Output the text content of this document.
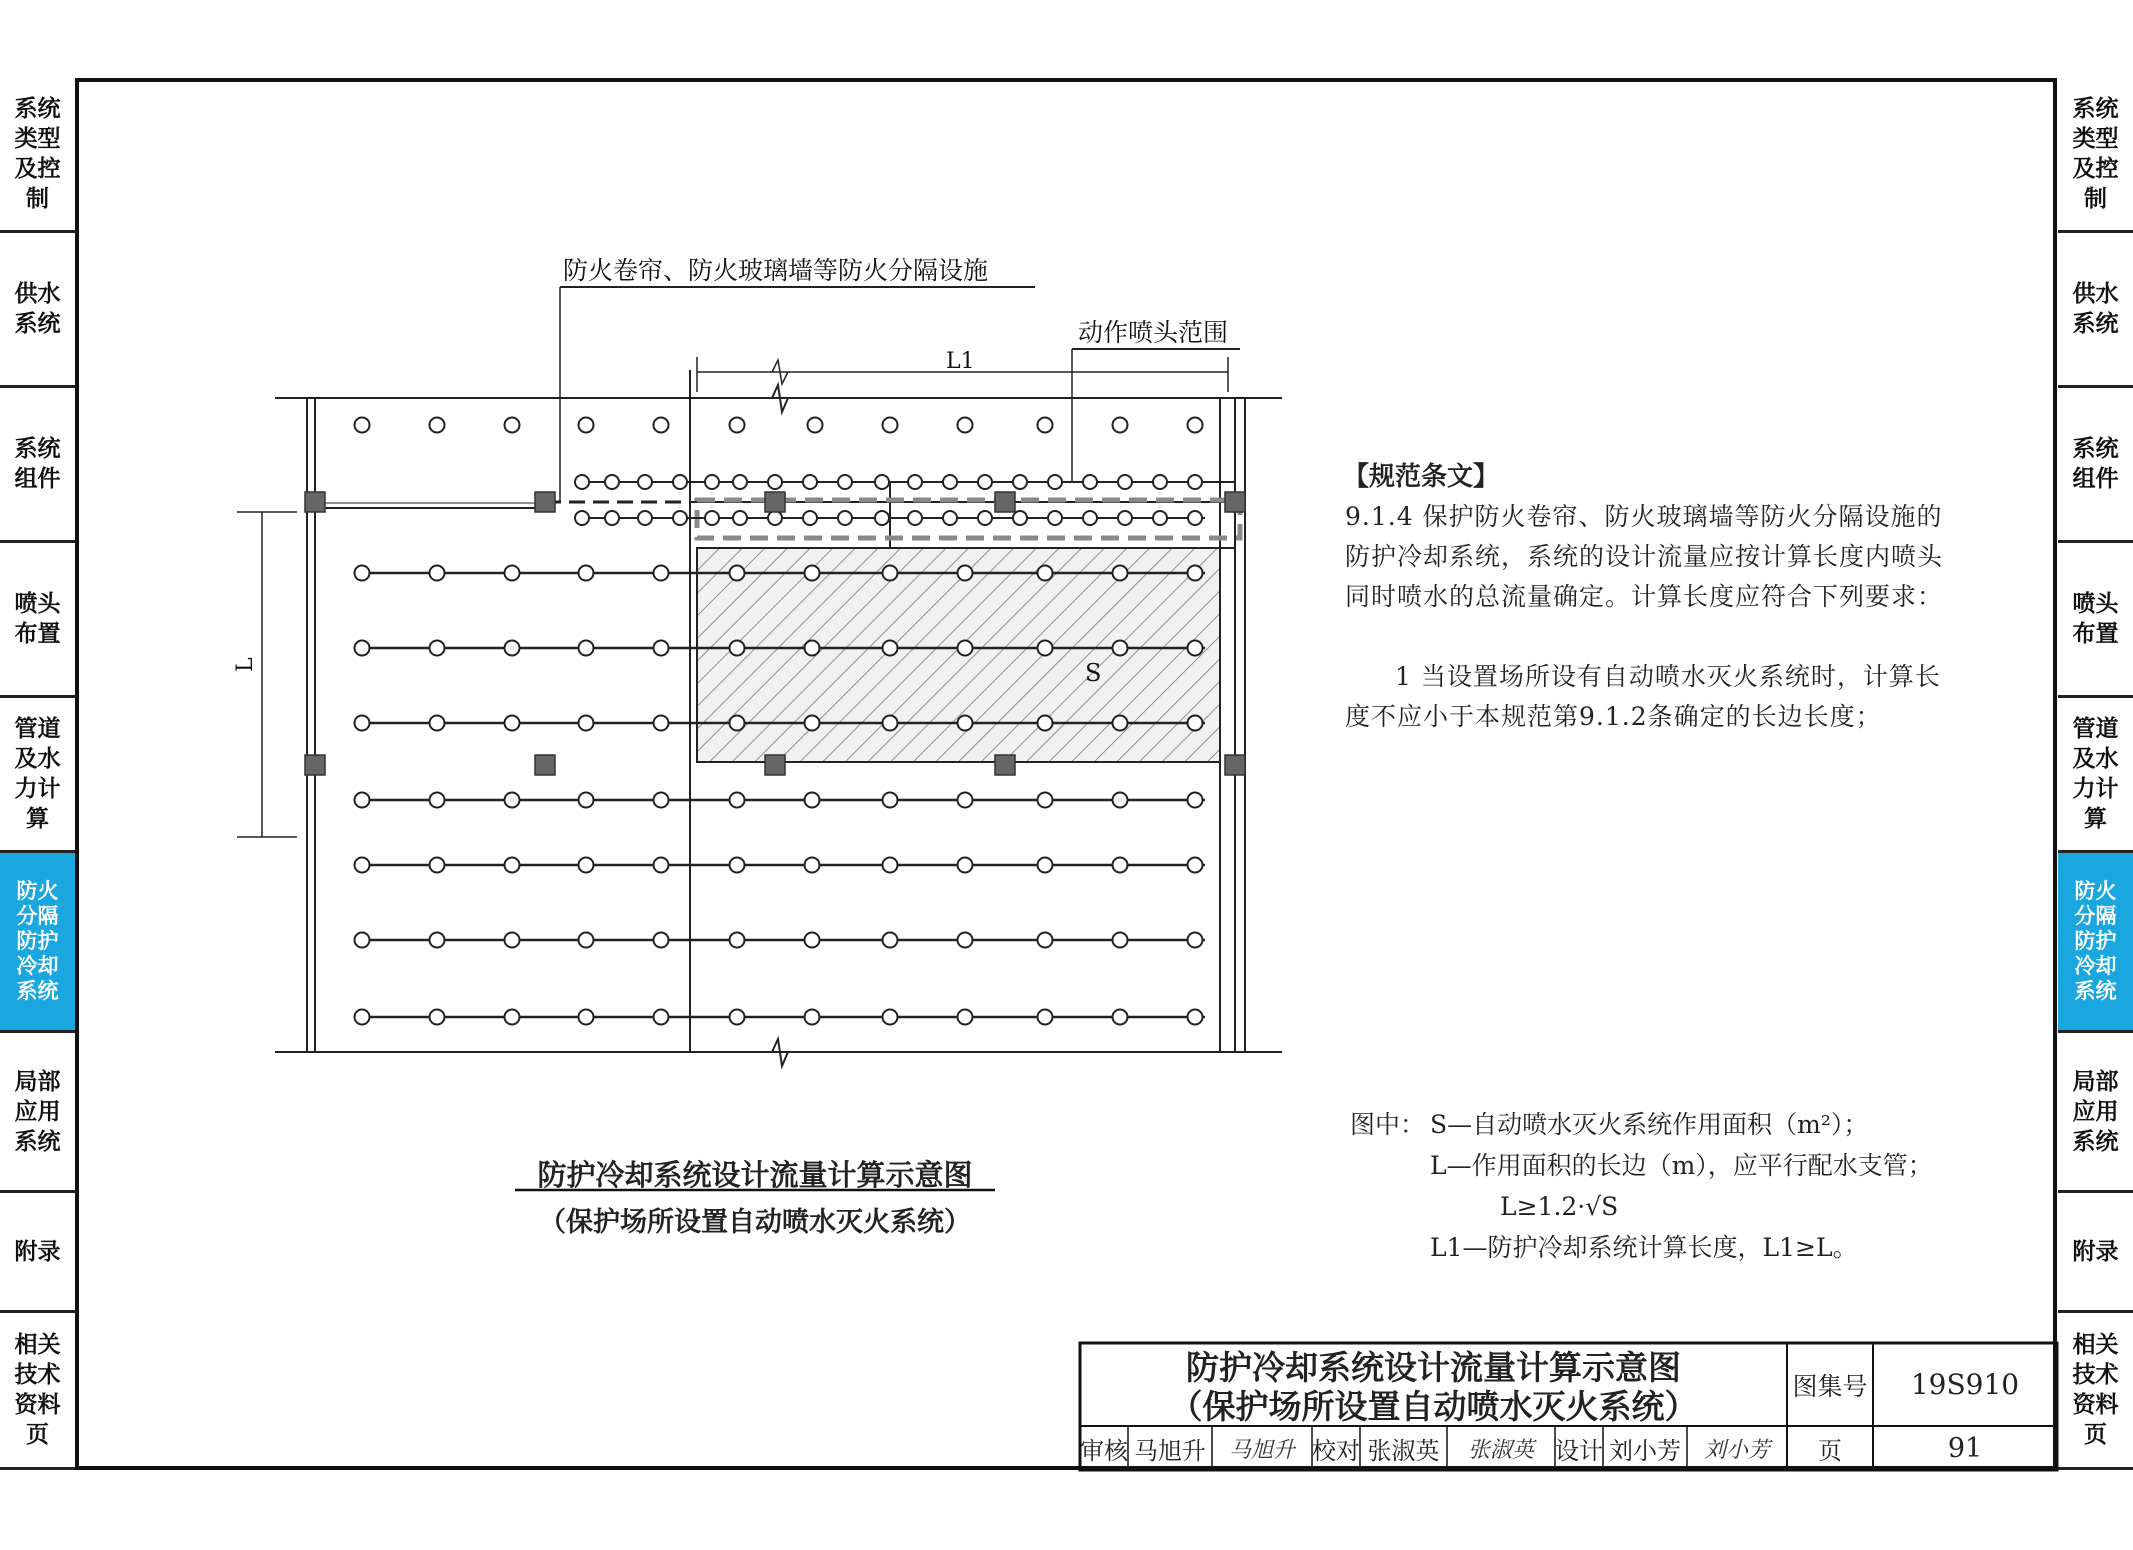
系统类型及控制
供水系统
系统组件
喷头布置
管道及水力计算
防火分隔防护冷却系统
局部应用系统
附录
相关技术资料页
系统类型及控制
供水系统
系统组件
喷头布置
管道及水力计算
防火分隔防护冷却系统
局部应用系统
附录
相关技术资料页
防火卷帘、防火玻璃墙等防火分隔设施
动作喷头范围
L1
L	S
防护冷却系统设计流量计算示意图
（保护场所设置自动喷水灭火系统）
【规范条文】
9.1.4 保护防火卷帘、防火玻璃墙等防火分隔设施的防护冷却系统，系统的设计流量应按计算长度内喷头同时喷水的总流量确定。计算长度应符合下列要求：
1 当设置场所设有自动喷水灭火系统时，计算长度不应小于本规范第9.1.2条确定的长边长度；
图中： S—自动喷水灭火系统作用面积（m²）；
L—作用面积的长边（m），应平行配水支管；
L≥1.2·√S
L1—防护冷却系统计算长度，L1≥L。
防护冷却系统设计流量计算示意图
（保护场所设置自动喷水灭火系统）
图集号	19S910
审核 马旭升	马旭升 校对 张淑英	张淑英 设计 刘小芳	刘小芳	页	91
